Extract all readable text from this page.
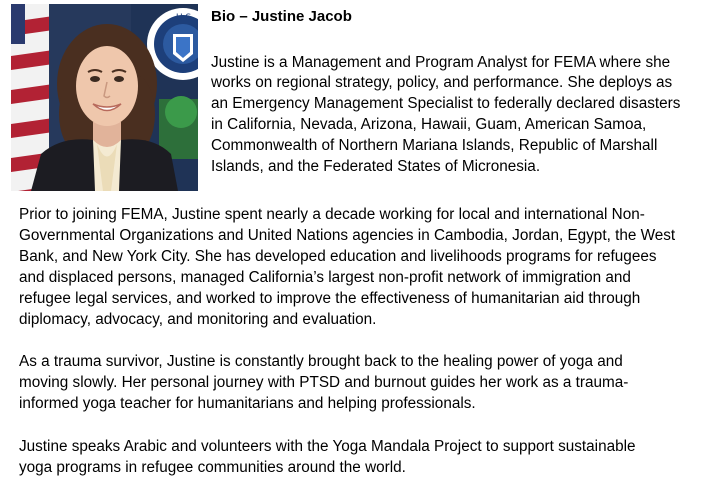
U.S. Bio – Justine Jacob
Justine is a Management and Program Analyst for FEMA where she
works on regional strategy, policy, and performance. She deploys as
an Emergency Management Specialist to federally declared disasters
in California, Nevada, Arizona, Hawaii, Guam, American Samoa,
Commonwealth of Northern Mariana Islands, Republic of Marshall
Islands, and the Federated States of Micronesia.
Prior to joining FEMA, Justine spent nearly a decade working for local and international Non-
Governmental Organizations and United Nations agencies in Cambodia, Jordan, Egypt, the West
Bank, and New York City. She has developed education and livelihoods programs for refugees
and displaced persons, managed California’s largest non-profit network of immigration and
refugee legal services, and worked to improve the effectiveness of humanitarian aid through
diplomacy, advocacy, and monitoring and evaluation.
As a trauma survivor, Justine is constantly brought back to the healing power of yoga and
moving slowly. Her personal journey with PTSD and burnout guides her work as a trauma-
informed yoga teacher for humanitarians and helping professionals.
Justine speaks Arabic and volunteers with the Yoga Mandala Project to support sustainable
yoga programs in refugee communities around the world.
